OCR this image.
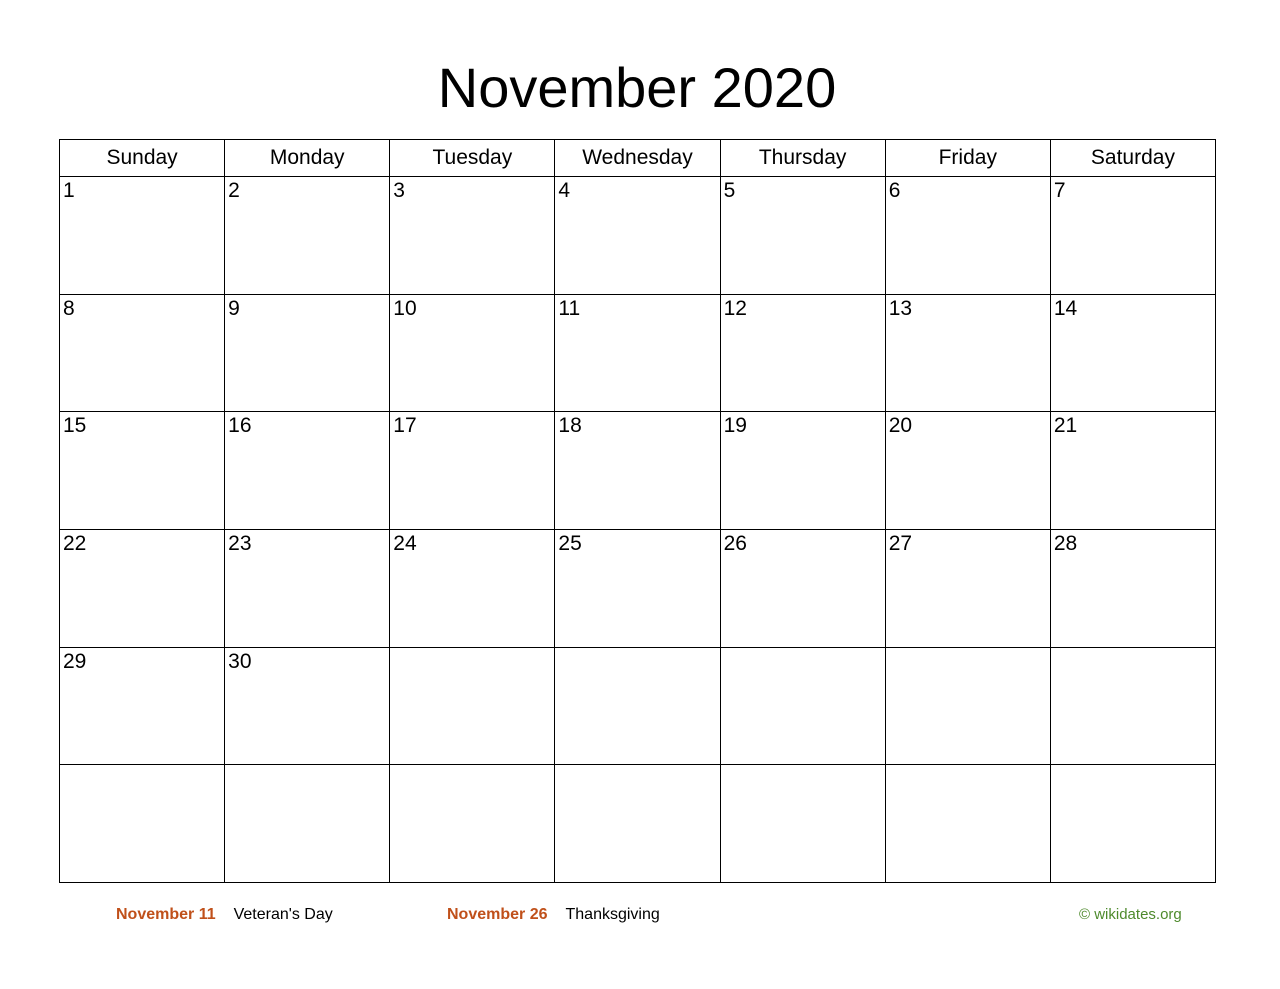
November 2020
Sunday	Monday	Tuesday	Wednesday	Thursday	Friday	Saturday

1	2	3	4	5	6	7

8	9	10	11	12	13	14

15	16	17	18	19	20	21

22	23	24	25	26	27	28

29	30					

November 11 Veteran's Day	November 26 Thanksgiving	© wikidates.org
